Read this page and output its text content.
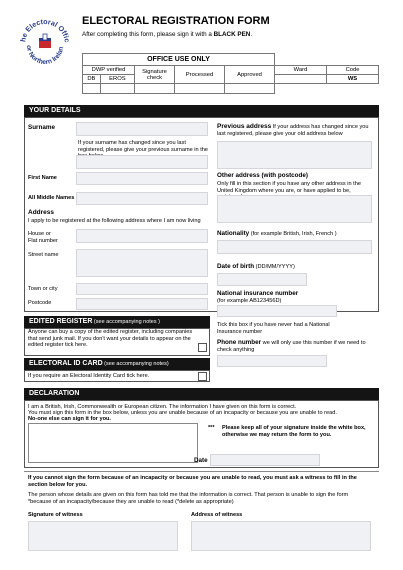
he Electoral Offic
or Northern Irelan
ELECTORAL REGISTRATION FORM
After completing this form, please sign it with a BLACK PEN.
OFFICE USE ONLY						
DWP verified		Signature check	Processed	Approved	Ward	Code
DB	EROS					WS

YOUR DETAILS
Surname
If your surname has changed since you last registered, please give your previous surname in the
First Name
All Middle Names
Address
I apply to be registered at the following address where I am now living
House or
Flat number
Street name
Town or city
Postcode
Previous address If your address has changed since you last registered, please give your old address below
Other address (with postcode)
Only fill in this section if you have any other address in the United Kingdom where you are, or have applied to be,
Nationality (for example British, Irish, French )
Date of birth (DD/MM/YYYY)
National insurance number
(for example AB123456D)
EDITED REGISTER (see accompanying notes )
Anyone can buy a copy of the edited register, including companies that send junk mail. If you don't want your details to appear on the edited register tick here.
Tick this box if you have never had a National Insurance number
Phone number we will only use this number if we need to check anything
ELECTORAL ID CARD (see accompanying notes)
If you require an Electoral Identity Card tick here.
DECLARATION
I am a British, Irish, Commonwealth or European citizen. The information I have given on this form is correct.
You must sign this form in the box below, unless you are unable because of an incapacity or because you are unable to read.
No-one else can sign it for you.
*** Please keep all of your signature inside the white box, otherwise we may return the form to you.
Date
If you cannot sign the form because of an incapacity or because you are unable to read, you must ask a witness to fill in the section below for you.
The person whose details are given on this form has told me that the information is correct. That person is unable to sign the form
*because of an incapacity/because they are unable to read (*delete as appropriate)
Signature of witness	Address of witness
